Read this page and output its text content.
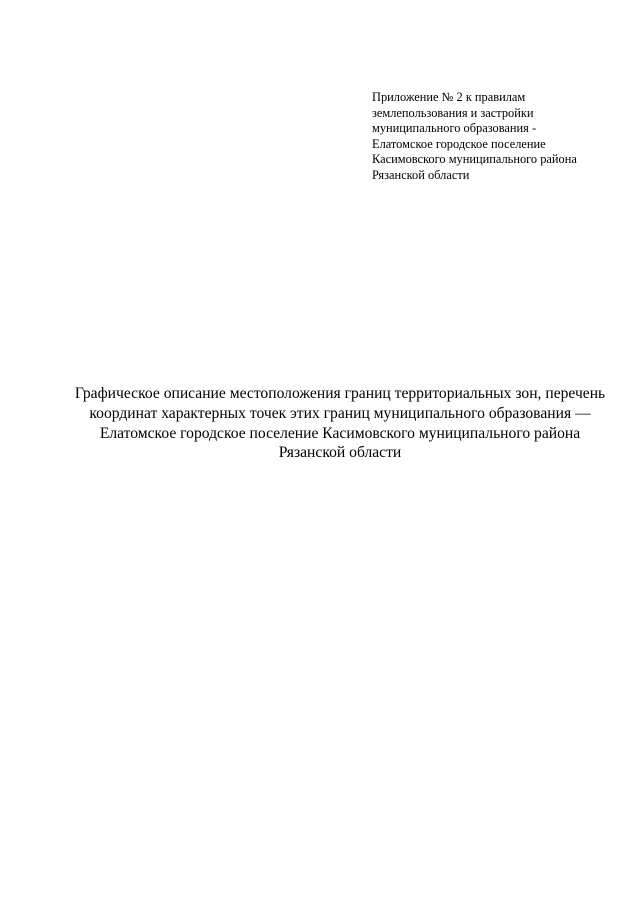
Приложение № 2 к правилам
землепользования и застройки
муниципального образования -
Елатомское городское поселение
Касимовского муниципального района
Рязанской области
Графическое описание местоположения границ территориальных зон, перечень
координат характерных точек этих границ муниципального образования —
Елатомское городское поселение Касимовского муниципального района
Рязанской области
